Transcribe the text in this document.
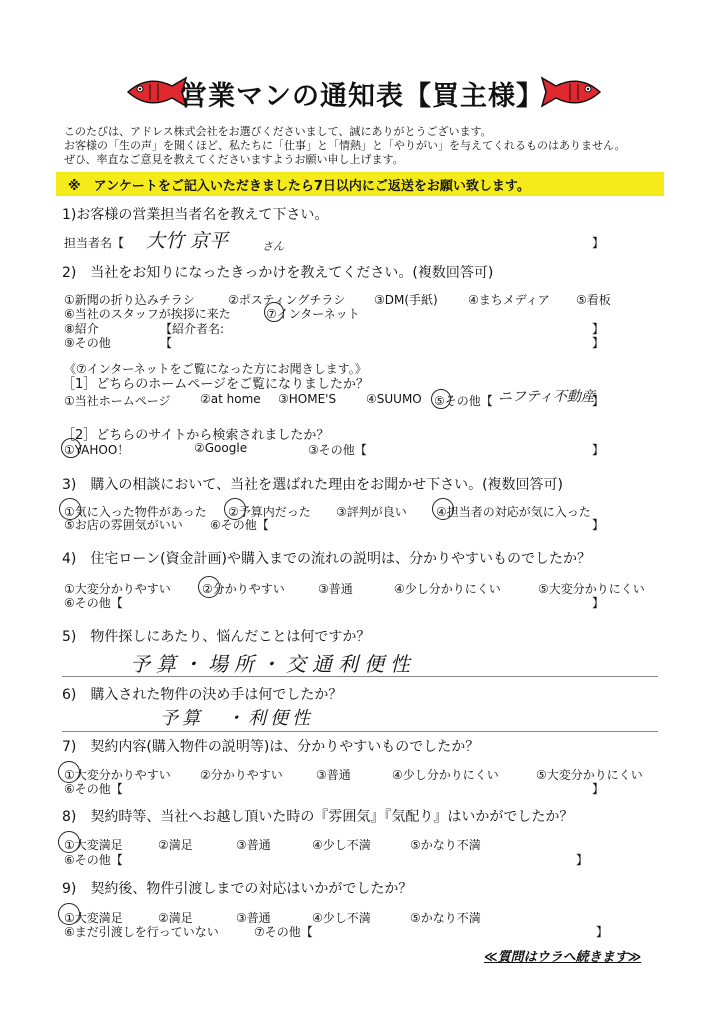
営業マンの通知表【買主様】
このたびは、アドレス株式会社をお選びくださいまして、誠にありがとうございます。
お客様の「生の声」を聞くほど、私たちに「仕事」と「情熱」と「やりがい」を与えてくれるものはありません。
ぜひ、率直なご意見を教えてくださいますようお願い申し上げます。
※　アンケートをご記入いただきましたら7日以内にご返送をお願い致します。
1)お客様の営業担当者名を教えて下さい。
担当者名【 大竹 京平	さん	】
2)　当社をお知りになったきっかけを教えてください。(複数回答可)
①新聞の折り込みチラシ	②ポスティングチラシ ③DM(手紙)	④まちメディア ⑤看板
⑥当社のスタッフが挨拶に来た	⑦インターネット
⑧紹介	【紹介者名:	】
⑨その他	【	】
《⑦インターネットをご覧になった方にお聞きします。》
［1］どちらのホームページをご覧になりましたか？
①当社ホームページ ②at home ③HOME'S ④SUUMO ⑤その他【 ニフティ不動産
】
［2］どちらのサイトから検索されましたか？
①YAHOO！	②Google	③その他【	】
3)　購入の相談において、当社を選ばれた理由をお聞かせ下さい。(複数回答可)
①気に入った物件があった ②予算内だった ③評判が良い ④担当者の対応が気に入った
⑤お店の雰囲気がいい ⑥その他【	】
4)　住宅ローン(資金計画)や購入までの流れの説明は、分かりやすいものでしたか？
①大変分かりやすい	②分かりやすい	③普通	④少し分かりにくい	⑤大変分かりにくい
⑥その他【	】
5)　物件探しにあたり、悩んだことは何ですか？
予算・場所・交通利便性
6)　購入された物件の決め手は何でしたか？
予算　・利便性
7)　契約内容(購入物件の説明等)は、分かりやすいものでしたか？
①大変分かりやすい ②分かりやすい	③普通	④少し分かりにくい	⑤大変分かりにくい
⑥その他【	】
8)　契約時等、当社へお越し頂いた時の『雰囲気』『気配り』はいかがでしたか？
①大変満足	②満足	③普通	④少し不満	⑤かなり不満
⑥その他【	】
9)　契約後、物件引渡しまでの対応はいかがでしたか？
①大変満足	②満足	③普通	④少し不満	⑤かなり不満
⑥まだ引渡しを行っていない	⑦その他【	】
≪質問はウラへ続きます≫
